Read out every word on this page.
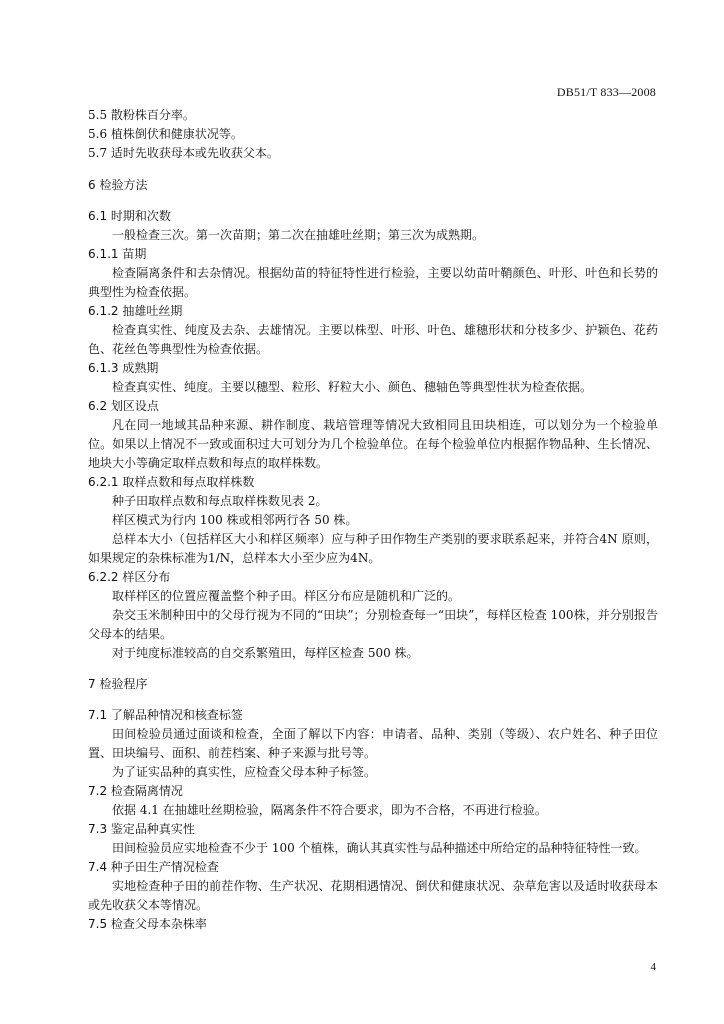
DB51/T 833—2008
5.5 散粉株百分率。
5.6 植株倒伏和健康状况等。
5.7 适时先收获母本或先收获父本。
6 检验方法
6.1 时期和次数

一般检查三次。第一次苗期；第二次在抽雄吐丝期；第三次为成熟期。

6.1.1 苗期

检查隔离条件和去杂情况。根据幼苗的特征特性进行检验，主要以幼苗叶鞘颜色、叶形、叶色和长势的典型性为检查依据。

6.1.2 抽雄吐丝期

检查真实性、纯度及去杂、去雄情况。主要以株型、叶形、叶色、雄穗形状和分枝多少、护颖色、花药色、花丝色等典型性为检查依据。

6.1.3 成熟期

检查真实性、纯度。主要以穗型、粒形、籽粒大小、颜色、穗轴色等典型性状为检查依据。

6.2 划区设点

凡在同一地域其品种来源、耕作制度、栽培管理等情况大致相同且田块相连，可以划分为一个检验单位。如果以上情况不一致或面积过大可划分为几个检验单位。在每个检验单位内根据作物品种、生长情况、地块大小等确定取样点数和每点的取样株数。

6.2.1 取样点数和每点取样株数

种子田取样点数和每点取样株数见表 2。

样区模式为行内 100 株或相邻两行各 50 株。

总样本大小（包括样区大小和样区频率）应与种子田作物生产类别的要求联系起来，并符合4N 原则，如果规定的杂株标准为1/N，总样本大小至少应为4N。

6.2.2 样区分布

取样样区的位置应覆盖整个种子田。样区分布应是随机和广泛的。

杂交玉米制种田中的父母行视为不同的“田块”；分别检查每一“田块”，每样区检查 100株，并分别报告父母本的结果。

对于纯度标准较高的自交系繁殖田，每样区检查 500 株。

7 检验程序
7.1 了解品种情况和核查标签

田间检验员通过面谈和检查，全面了解以下内容：申请者、品种、类别（等级）、农户姓名、种子田位置、田块编号、面积、前茬档案、种子来源与批号等。

为了证实品种的真实性，应检查父母本种子标签。

7.2 检查隔离情况

依据 4.1 在抽雄吐丝期检验，隔离条件不符合要求，即为不合格，不再进行检验。

7.3 鉴定品种真实性

田间检验员应实地检查不少于 100 个植株，确认其真实性与品种描述中所给定的品种特征特性一致。

7.4 种子田生产情况检查

实地检查种子田的前茬作物、生产状况、花期相遇情况、倒伏和健康状况、杂草危害以及适时收获母本或先收获父本等情况。

7.5 检查父母本杂株率
4
